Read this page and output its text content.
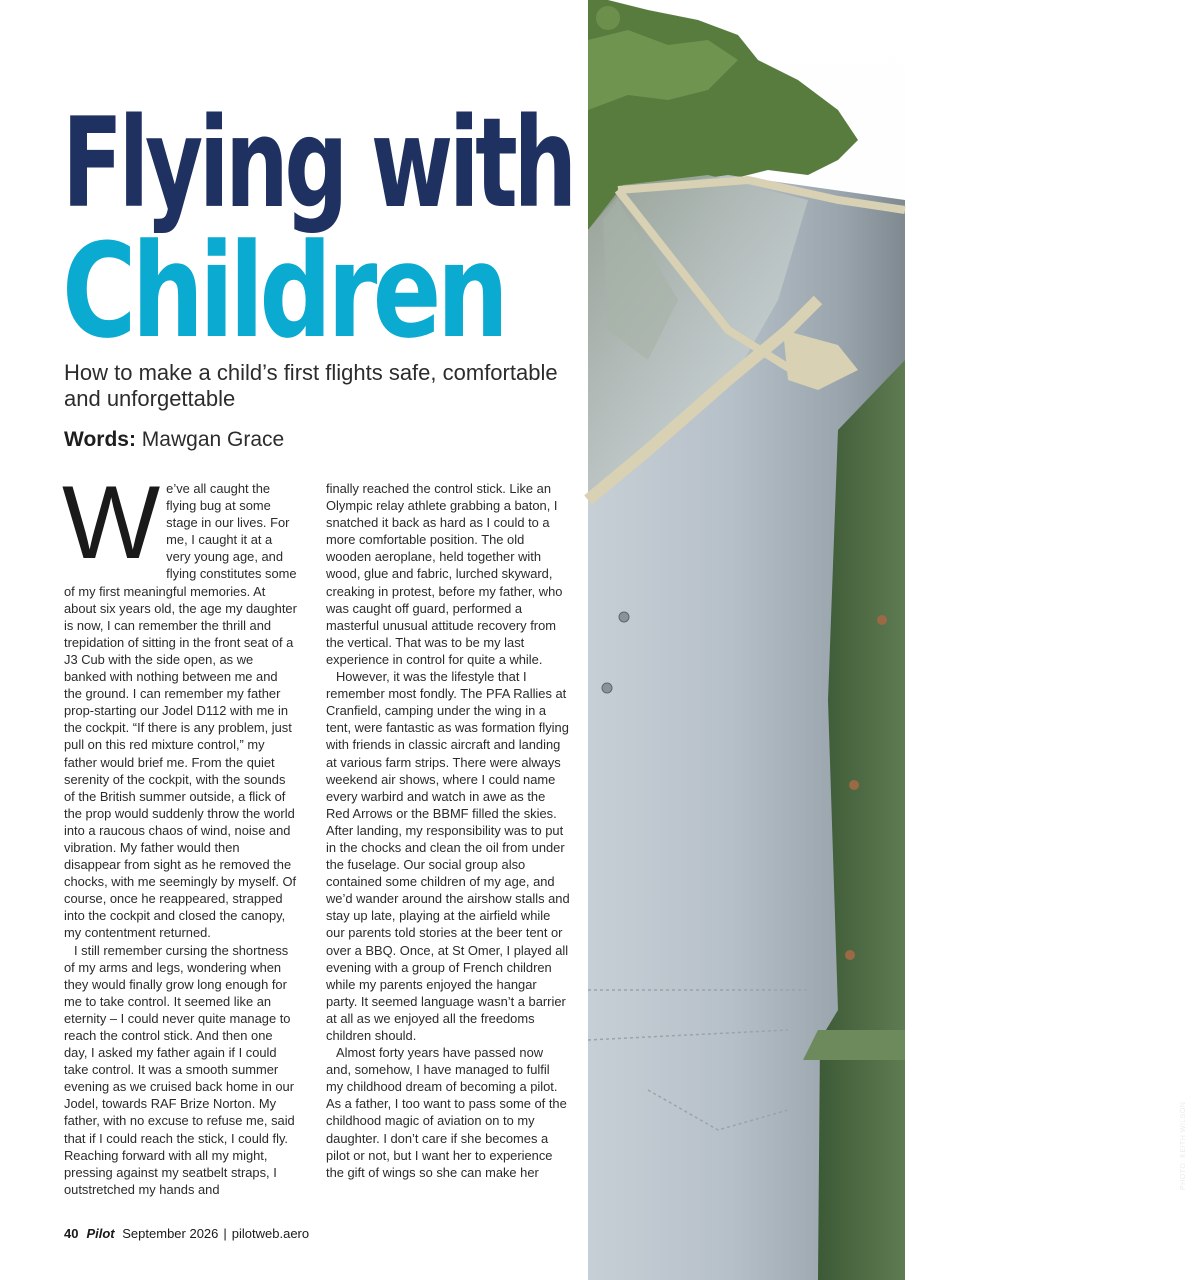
PHOTO: KEITH WILSON
Flying with
Children

How to make a child’s first flights safe, comfortable and unforgettable

Words: Mawgan Grace

We’ve all caught the flying bug at some stage in our lives. For me, I caught it at a very young age, and flying constitutes some of my first meaningful memories. At about six years old, the age my daughter is now, I can remember the thrill and trepidation of sitting in the front seat of a J3 Cub with the side open, as we banked with nothing between me and the ground. I can remember my father prop-starting our Jodel D112 with me in the cockpit. “If there is any problem, just pull on this red mixture control,” my father would brief me. From the quiet serenity of the cockpit, with the sounds of the British summer outside, a flick of the prop would suddenly throw the world into a raucous chaos of wind, noise and vibration. My father would then disappear from sight as he removed the chocks, with me seemingly by myself. Of course, once he reappeared, strapped into the cockpit and closed the canopy, my contentment returned.

I still remember cursing the shortness of my arms and legs, wondering when they would finally grow long enough for me to take control. It seemed like an eternity – I could never quite manage to reach the control stick. And then one day, I asked my father again if I could take control. It was a smooth summer evening as we cruised back home in our Jodel, towards RAF Brize Norton. My father, with no excuse to refuse me, said that if I could reach the stick, I could fly. Reaching forward with all my might, pressing against my seatbelt straps, I outstretched my hands and

finally reached the control stick. Like an Olympic relay athlete grabbing a baton, I snatched it back as hard as I could to a more comfortable position. The old wooden aeroplane, held together with wood, glue and fabric, lurched skyward, creaking in protest, before my father, who was caught off guard, performed a masterful unusual attitude recovery from the vertical. That was to be my last experience in control for quite a while.

However, it was the lifestyle that I remember most fondly. The PFA Rallies at Cranfield, camping under the wing in a tent, were fantastic as was formation flying with friends in classic aircraft and landing at various farm strips. There were always weekend air shows, where I could name every warbird and watch in awe as the Red Arrows or the BBMF filled the skies. After landing, my responsibility was to put in the chocks and clean the oil from under the fuselage. Our social group also contained some children of my age, and we’d wander around the airshow stalls and stay up late, playing at the airfield while our parents told stories at the beer tent or over a BBQ. Once, at St Omer, I played all evening with a group of French children while my parents enjoyed the hangar party. It seemed language wasn’t a barrier at all as we enjoyed all the freedoms children should.

Almost forty years have passed now and, somehow, I have managed to fulfil my childhood dream of becoming a pilot. As a father, I too want to pass some of the childhood magic of aviation on to my daughter. I don’t care if she becomes a pilot or not, but I want her to experience the gift of wings so she can make her

40 Pilot September 2026 | pilotweb.aero
